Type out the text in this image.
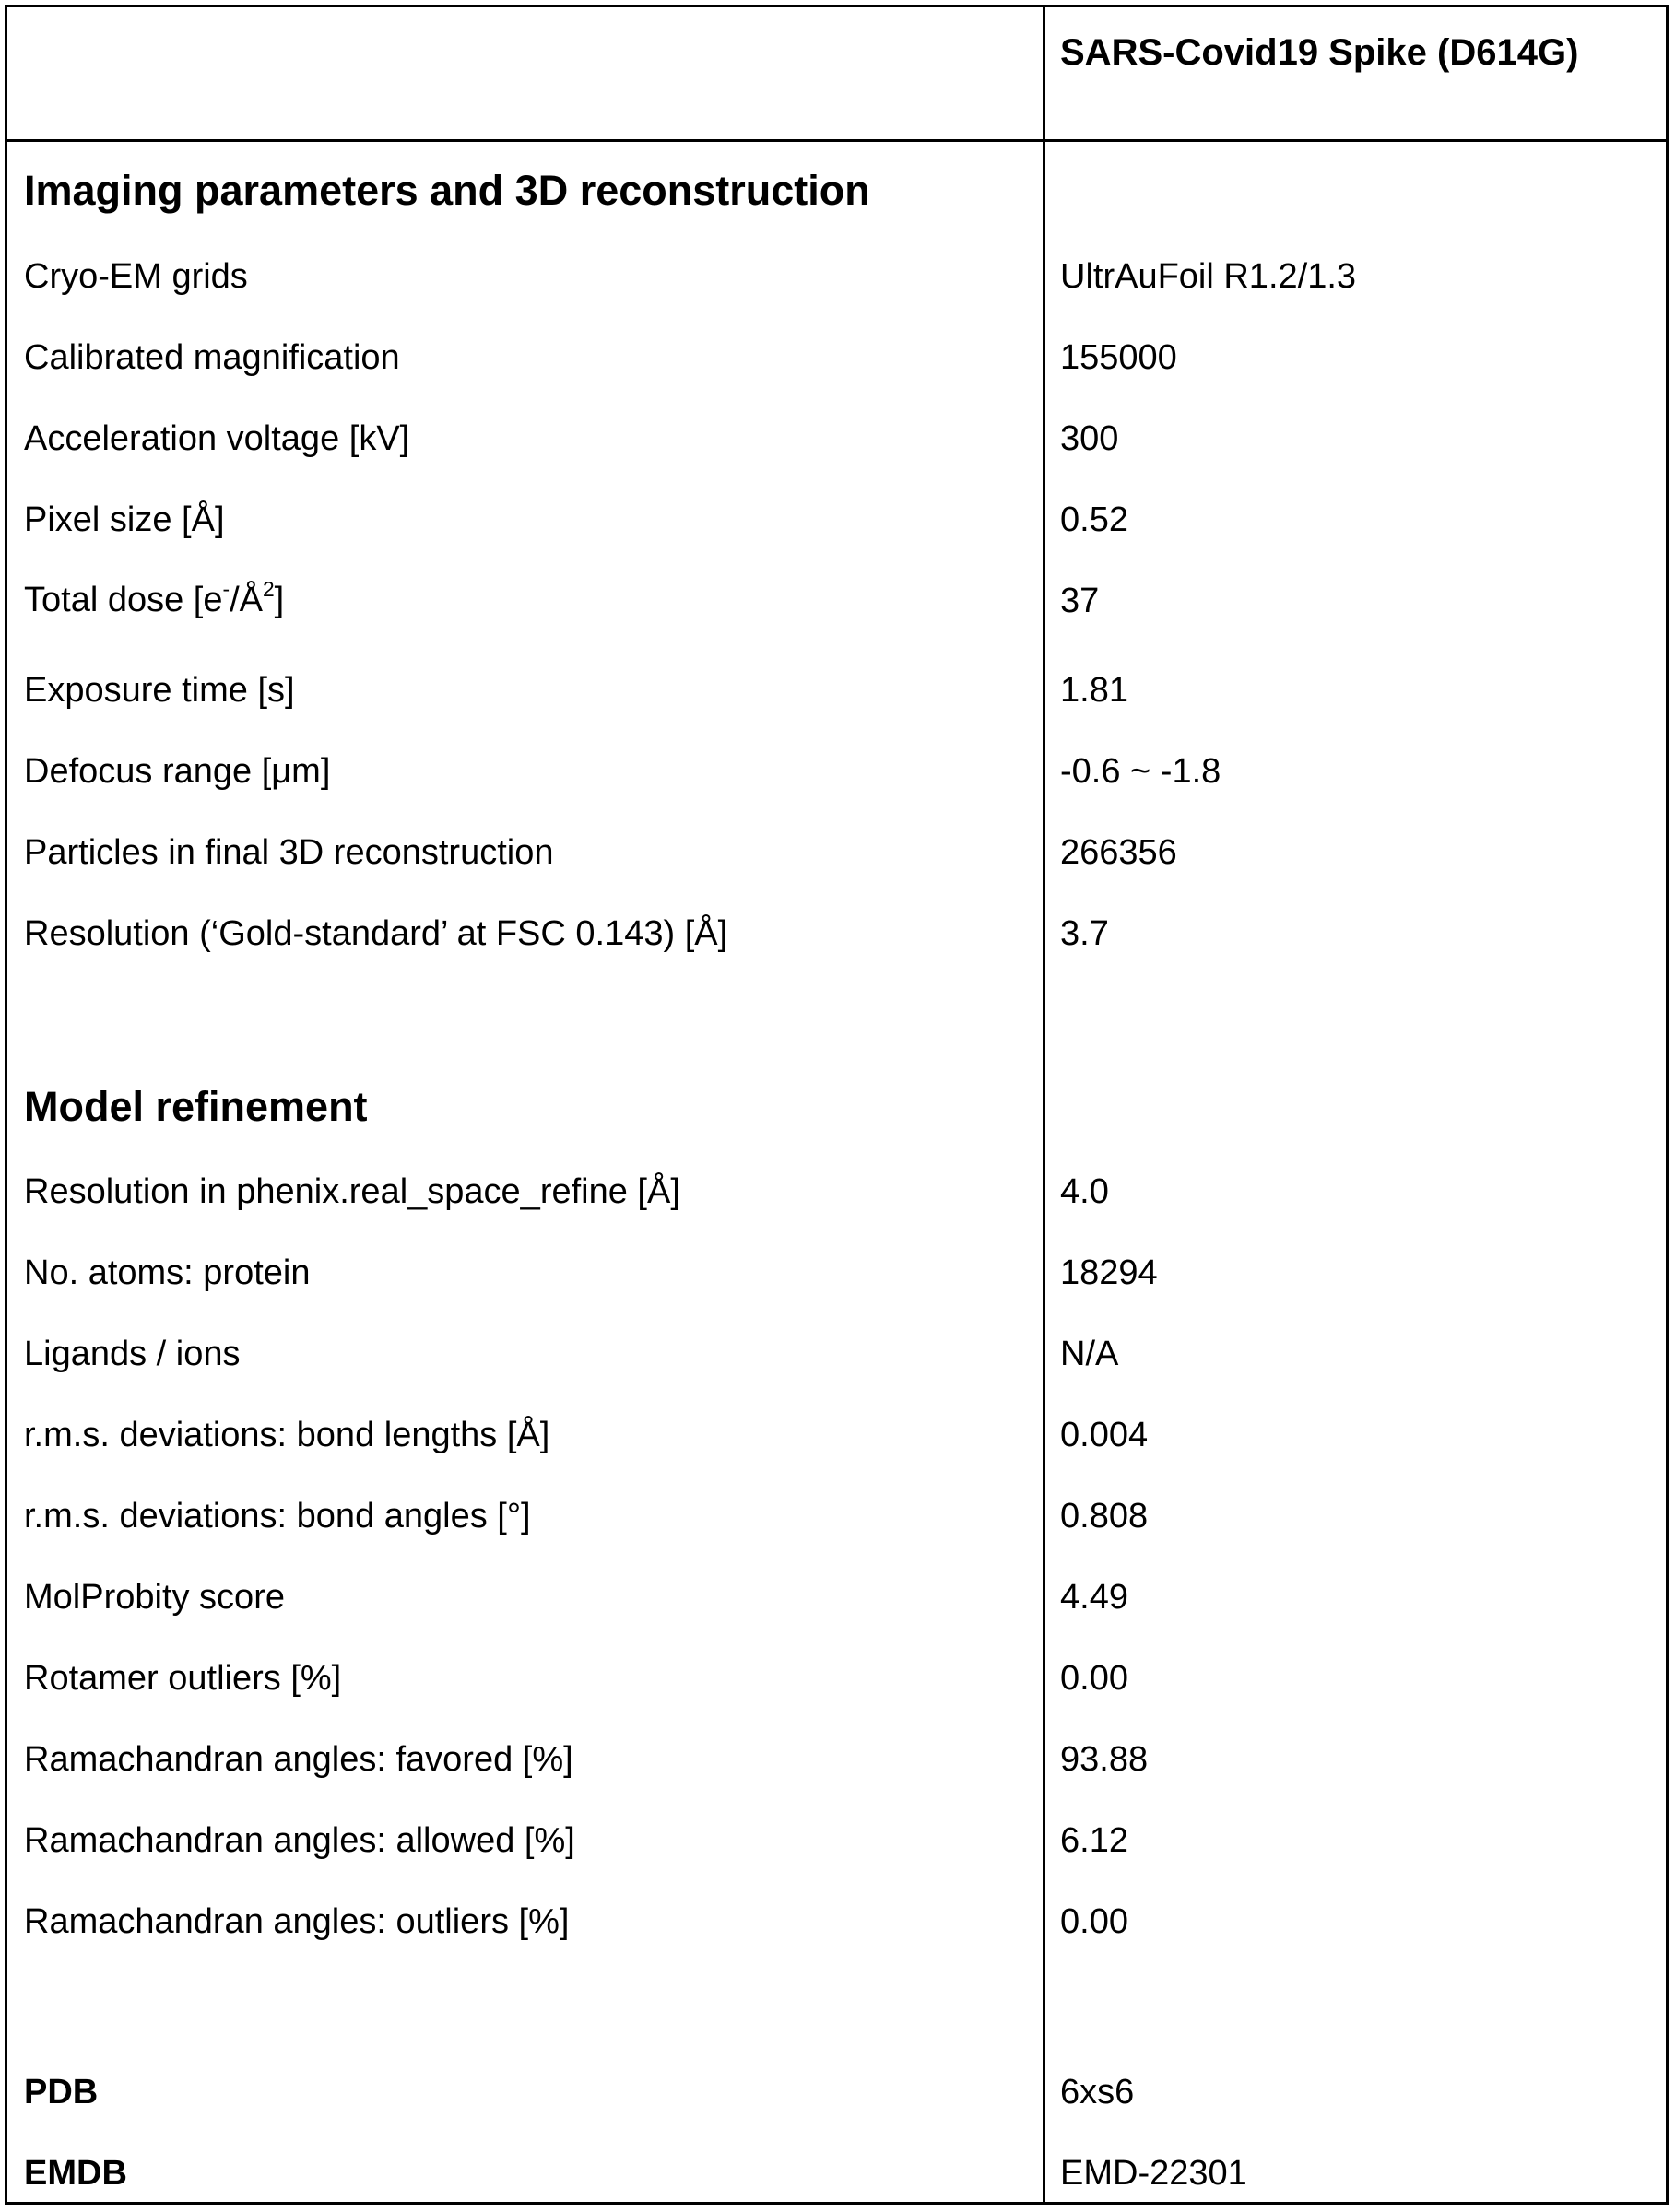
SARS-Covid19 Spike (D614G)
Imaging parameters and 3D reconstruction
Cryo-EM grids	UltrAuFoil R1.2/1.3
Calibrated magnification	155000
Acceleration voltage [kV]	300
Pixel size [Å]	0.52
Total dose $[e^-/Å^2]$	37
Exposure time [s]	1.81
Defocus range [μm]	-0.6 ~ -1.8
Particles in final 3D reconstruction	266356
Resolution (‘Gold-standard’ at FSC 0.143) [Å]	3.7
Model refinement
Resolution in phenix.real_space_refine [Å]	4.0
No. atoms: protein	18294
Ligands / ions	N/A
r.m.s. deviations: bond lengths [Å]	0.004
r.m.s. deviations: bond angles [°]	0.808
MolProbity score	4.49
Rotamer outliers [%]	0.00
Ramachandran angles: favored [%]	93.88
Ramachandran angles: allowed [%]	6.12
Ramachandran angles: outliers [%]	0.00
PDB	6xs6
EMDB	EMD-22301
